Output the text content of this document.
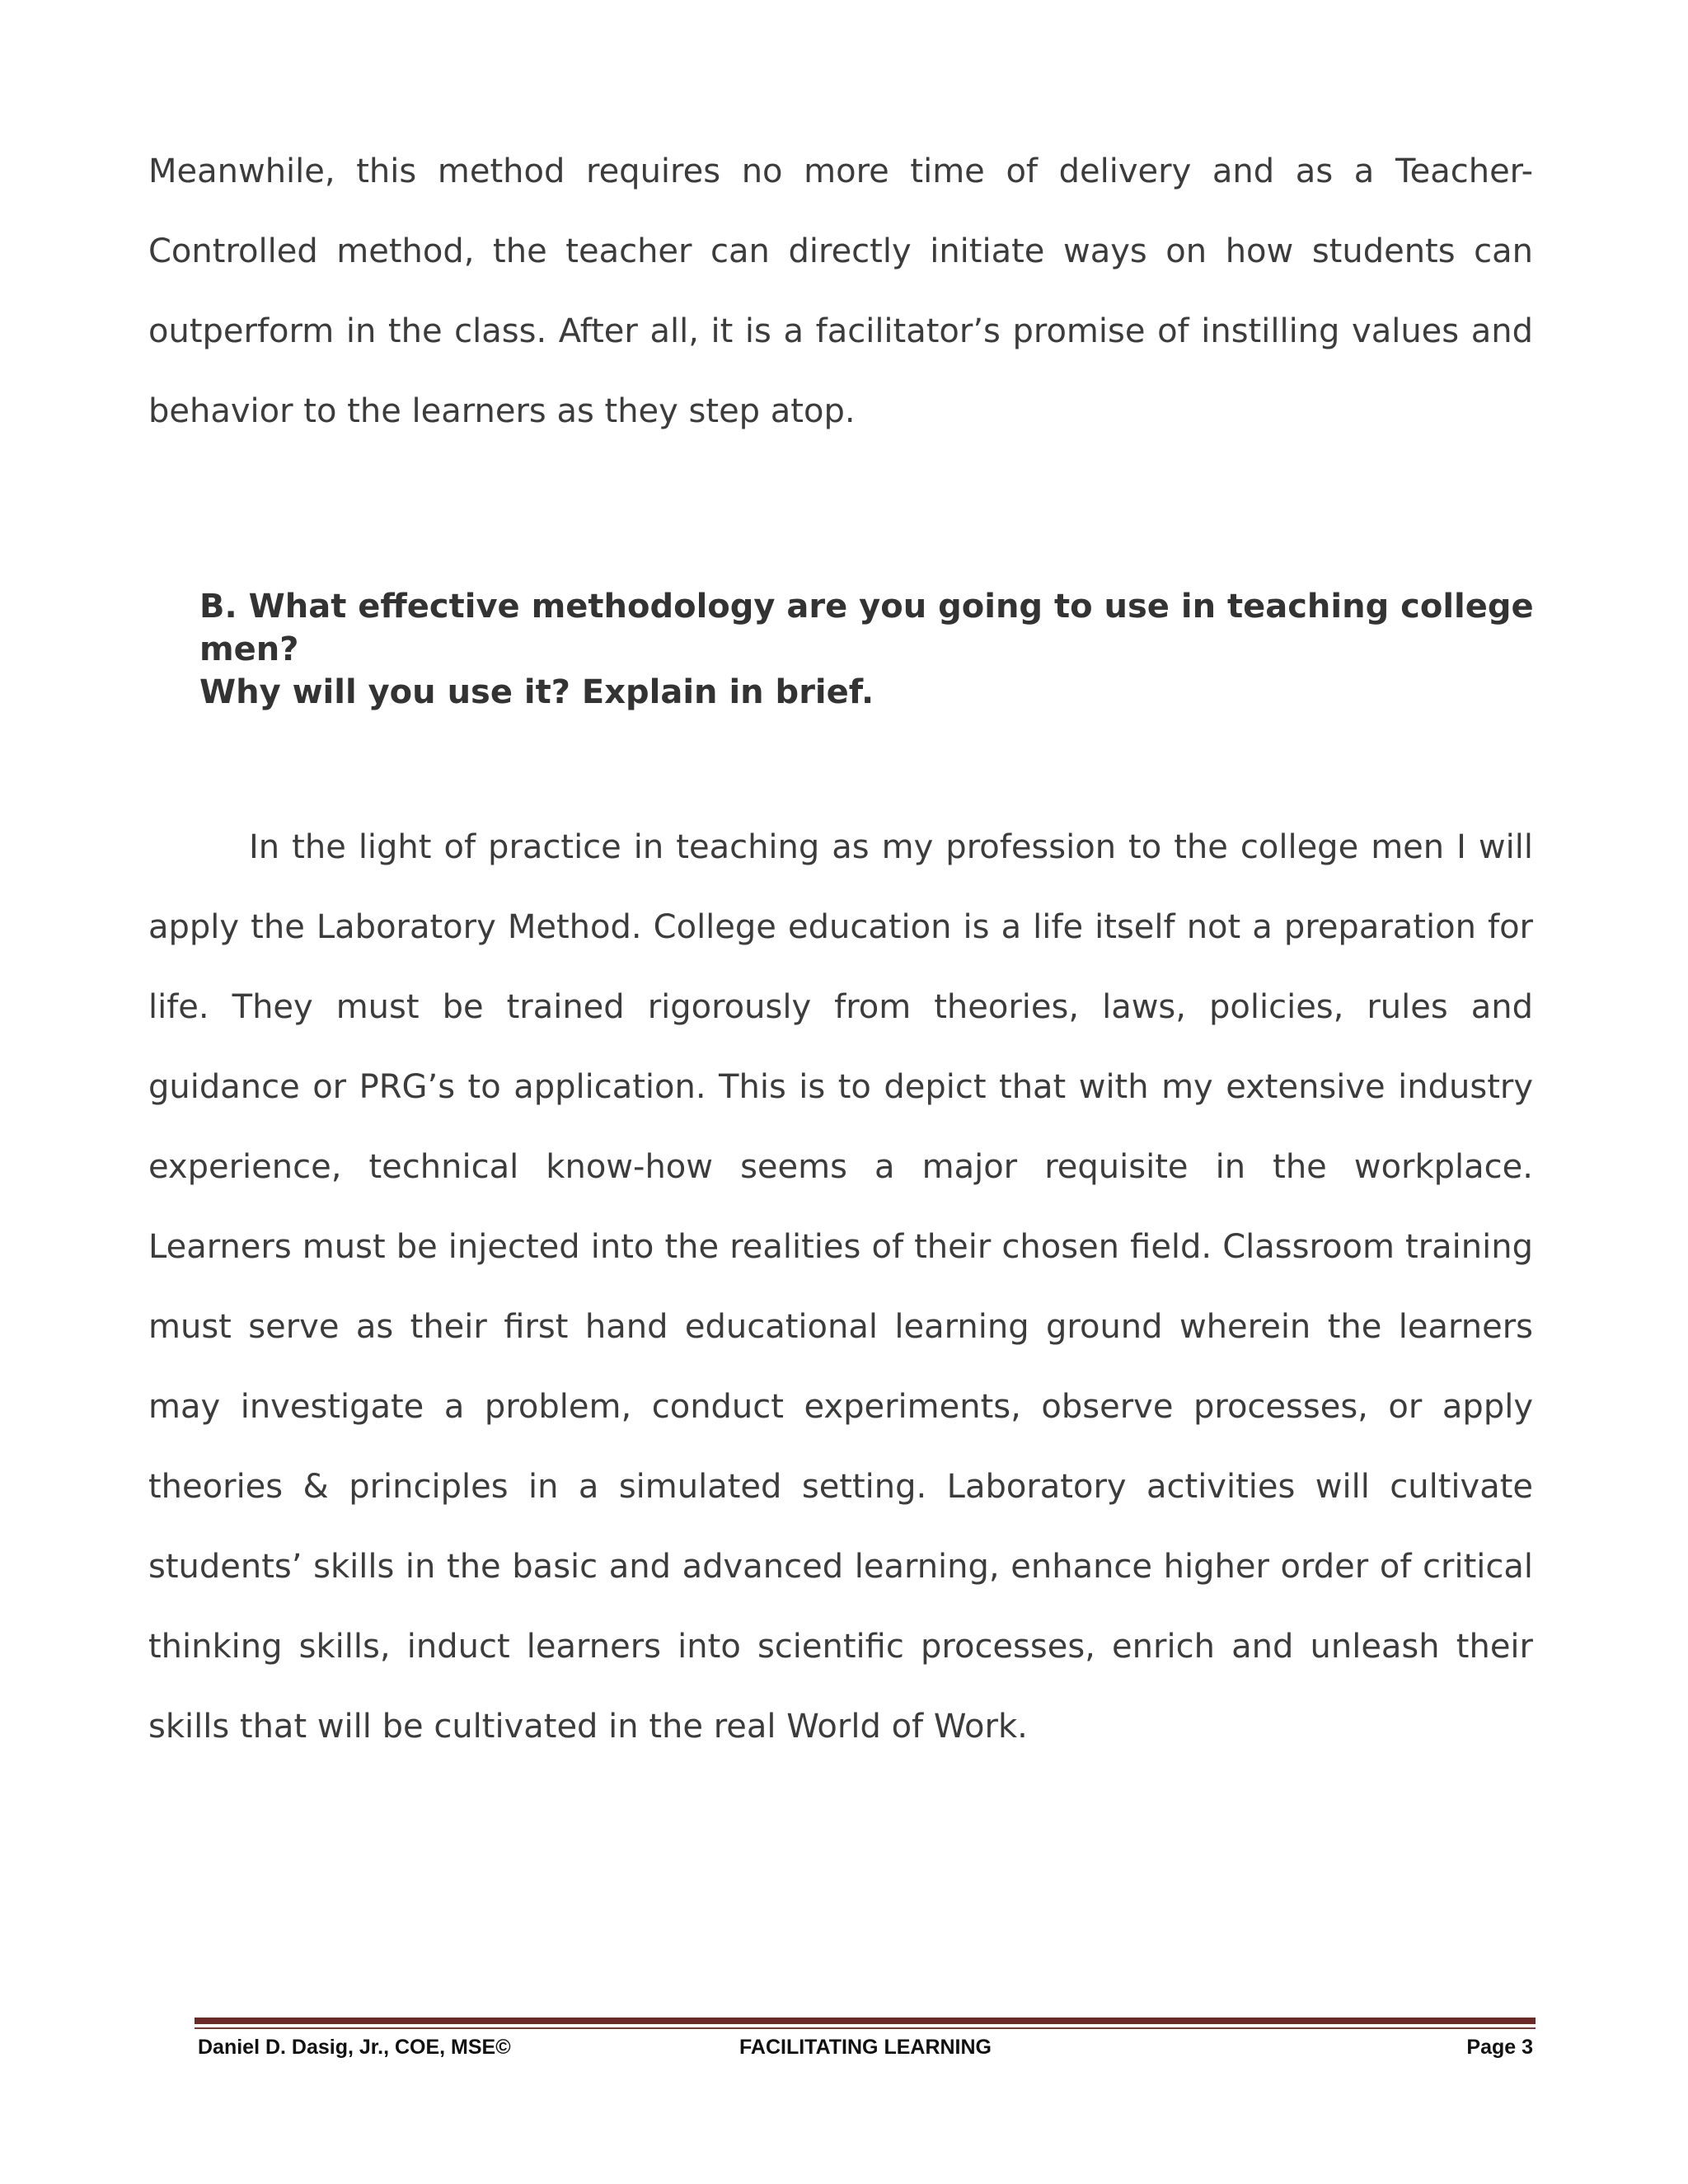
Meanwhile, this method requires no more time of delivery and as a Teacher-Controlled method, the teacher can directly initiate ways on how students can outperform in the class. After all, it is a facilitator’s promise of instilling values and behavior to the learners as they step atop.

B. What effective methodology are you going to use in teaching college men?
Why will you use it? Explain in brief.

In the light of practice in teaching as my profession to the college men I will apply the Laboratory Method. College education is a life itself not a preparation for life. They must be trained rigorously from theories, laws, policies, rules and guidance or PRG’s to application. This is to depict that with my extensive industry experience, technical know-how seems a major requisite in the workplace. Learners must be injected into the realities of their chosen field. Classroom training must serve as their first hand educational learning ground wherein the learners may investigate a problem, conduct experiments, observe processes, or apply theories & principles in a simulated setting. Laboratory activities will cultivate students’ skills in the basic and advanced learning, enhance higher order of critical thinking skills, induct learners into scientific processes, enrich and unleash their skills that will be cultivated in the real World of Work.

Daniel D. Dasig, Jr., COE, MSE©	FACILITATING LEARNING	Page 3
